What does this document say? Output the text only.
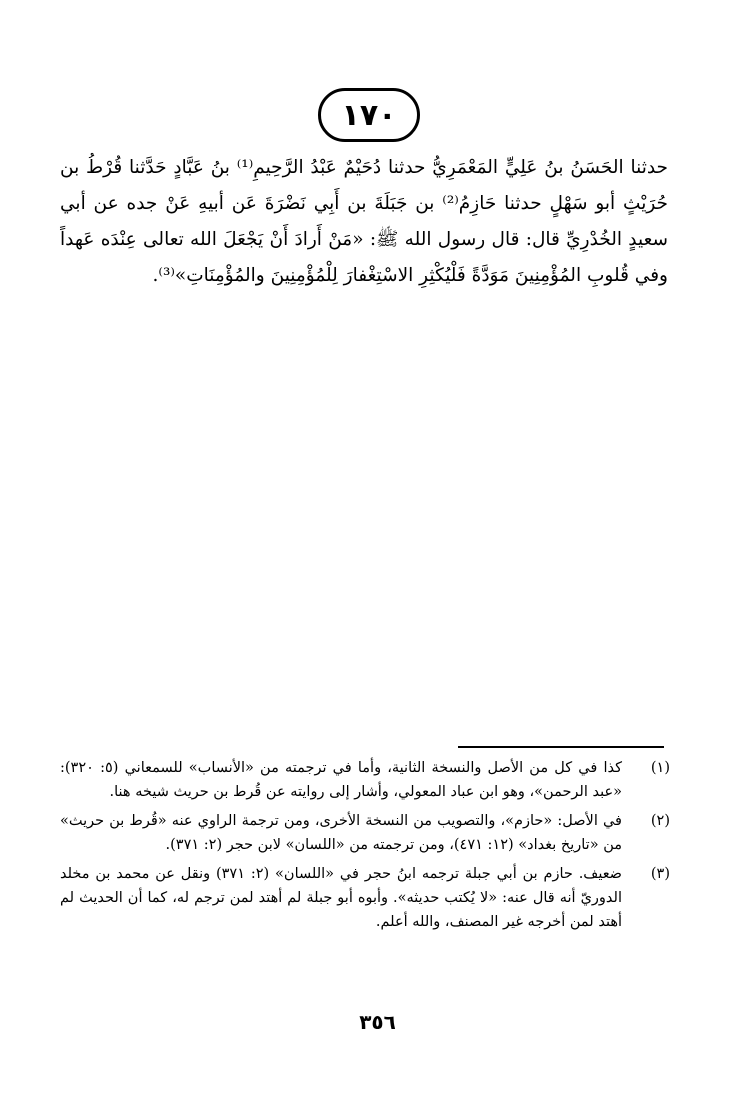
١٧٠

حدثنا الحَسَنُ بنُ عَلِيٍّ المَعْمَرِيُّ حدثنا دُحَيْمٌ عَبْدُ الرَّحِيمِ⁽¹⁾ بنُ عَبَّادٍ حَدَّثنا قُرْطُ بن حُرَيْثٍ أبو سَهْلٍ حدثنا حَازِمُ⁽²⁾ بن جَبَلَةَ بن أَبِي نَضْرَةَ عَن أبيهِ عَنْ جده عن أبي سعيدٍ الخُدْرِيِّ قال: قال رسول الله ﷺ: «مَنْ أَرادَ أَنْ يَجْعَلَ الله تعالى عِنْدَه عَهداً وفي قُلوبِ المُؤْمِنِينَ مَوَدَّةً فَلْيُكْثِرِ الاسْتِغْفارَ لِلْمُؤْمِنِينَ والمُؤْمِنَاتِ»⁽³⁾.

(١)
كذا في كل من الأصل والنسخة الثانية، وأما في ترجمته من «الأنساب» للسمعاني (٥: ٣٢٠): «عبد الرحمن»، وهو ابن عباد المعولي، وأشار إلى روايته عن قُرط بن حريث شيخه هنا.
(٢)
في الأصل: «حازم»، والتصويب من النسخة الأخرى، ومن ترجمة الراوي عنه «قُرط بن حريث» من «تاريخ بغداد» (١٢: ٤٧١)، ومن ترجمته من «اللسان» لابن حجر (٢: ٣٧١).
(٣)
ضعيف. حازم بن أبي جبلة ترجمه ابنُ حجر في «اللسان» (٢: ٣٧١) ونقل عن محمد بن مخلد الدوريّ أنه قال عنه: «لا يُكتب حديثه». وأبوه أبو جبلة لم أهتد لمن ترجم له، كما أن الحديث لم أهتد لمن أخرجه غير المصنف، والله أعلم.
٣٥٦
